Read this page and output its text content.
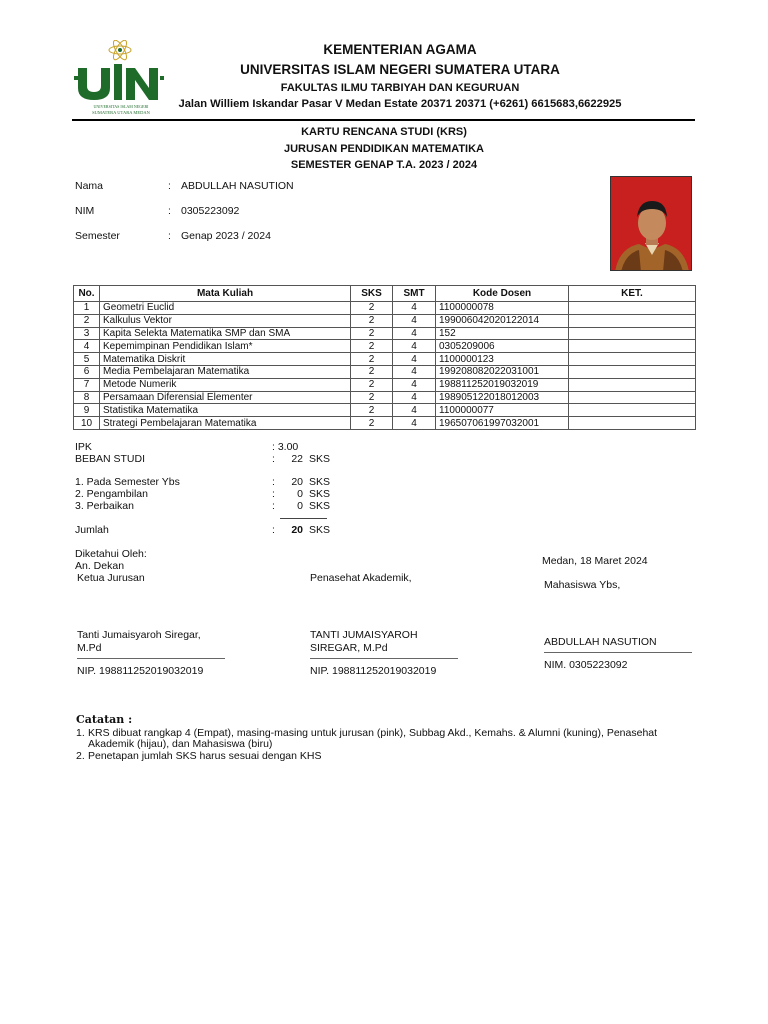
UNIVERSITAS ISLAM NEGERI
SUMATERA UTARA MEDAN
KEMENTERIAN AGAMA
UNIVERSITAS ISLAM NEGERI SUMATERA UTARA
FAKULTAS ILMU TARBIYAH DAN KEGURUAN
Jalan Williem Iskandar Pasar V Medan Estate 20371 20371 (+6261) 6615683,6622925
KARTU RENCANA STUDI (KRS)
JURUSAN PENDIDIKAN MATEMATIKA
SEMESTER GENAP T.A. 2023 / 2024
Nama	: ABDULLAH NASUTION
NIM	: 0305223092
Semester	: Genap 2023 / 2024
No.	Mata Kuliah	SKS	SMT	Kode Dosen	KET.
1	Geometri Euclid	2	4	1100000078	
2	Kalkulus Vektor	2	4	199006042020122014	
3	Kapita Selekta Matematika SMP dan SMA	2	4	152	
4	Kepemimpinan Pendidikan Islam*	2	4	0305209006	
5	Matematika Diskrit	2	4	1100000123	
6	Media Pembelajaran Matematika	2	4	199208082022031001	
7	Metode Numerik	2	4	198811252019032019	
8	Persamaan Diferensial Elementer	2	4	198905122018012003	
9	Statistika Matematika	2	4	1100000077	
10	Strategi Pembelajaran Matematika	2	4	196507061997032001	
IPK	: 3.00
BEBAN STUDI	:	22 SKS
1. Pada Semester Ybs	:	20 SKS
2. Pengambilan	:	0 SKS
3. Perbaikan	:	0 SKS
Jumlah	:	20 SKS
Diketahui Oleh:
An. Dekan
Ketua Jurusan	Penasehat Akademik,
Medan, 18 Maret 2024
Mahasiswa Ybs,
Tanti Jumaisyaroh Siregar,
M.Pd
NIP. 198811252019032019
TANTI JUMAISYAROH
SIREGAR, M.Pd
NIP. 198811252019032019
ABDULLAH NASUTION
NIM. 0305223092
Catatan :
1. KRS dibuat rangkap 4 (Empat), masing-masing untuk jurusan (pink), Subbag Akd., Kemahs. & Alumni (kuning), Penasehat Akademik (hijau), dan Mahasiswa (biru)
2. Penetapan jumlah SKS harus sesuai dengan KHS
